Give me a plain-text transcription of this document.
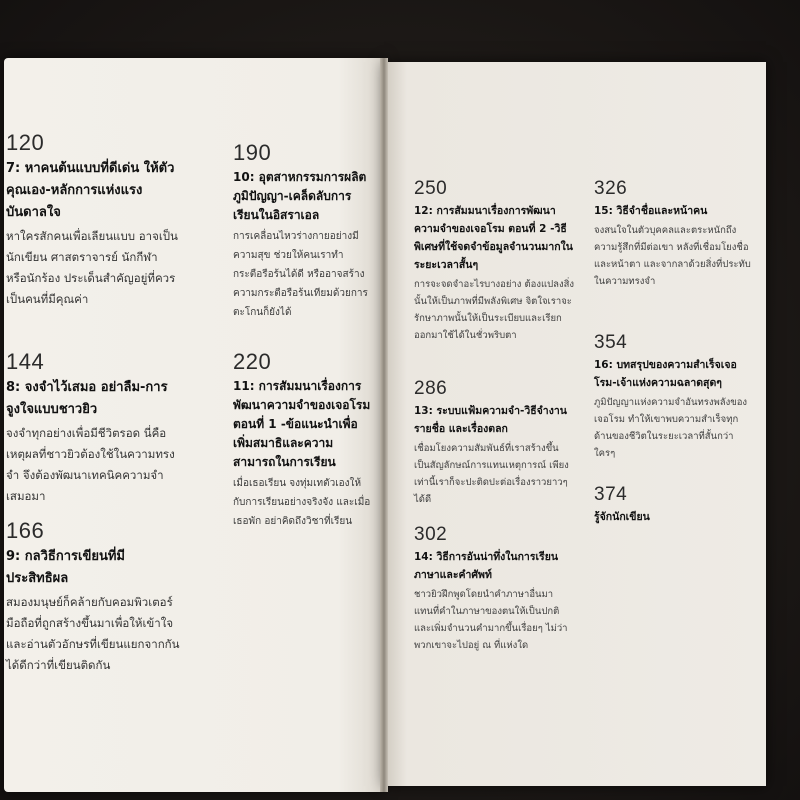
120
7: หาคนต้นแบบที่ดีเด่น ให้ตัวคุณเอง-หลักการแห่งแรงบันดาลใจ
หาใครสักคนเพื่อเลียนแบบ อาจเป็นนักเขียน ศาสตราจารย์ นักกีฬา หรือนักร้อง ประเด็นสำคัญอยู่ที่ควรเป็นคนที่มีคุณค่า
144
8: จงจำไว้เสมอ อย่าลืม-การจูงใจแบบชาวยิว
จงจำทุกอย่างเพื่อมีชีวิตรอด นี่คือเหตุผลที่ชาวยิวต้องใช้ในความทรงจำ จึงต้องพัฒนาเทคนิคความจำเสมอมา
166
9: กลวิธีการเขียนที่มีประสิทธิผล
สมองมนุษย์ก็คล้ายกับคอมพิวเตอร์มือถือที่ถูกสร้างขึ้นมาเพื่อให้เข้าใจและอ่านตัวอักษรที่เขียนแยกจากกันได้ดีกว่าที่เขียนติดกัน
190
10: อุตสาหกรรมการผลิตภูมิปัญญา-เคล็ดลับการเรียนในอิสราเอล
การเคลื่อนไหวร่างกายอย่างมีความสุข ช่วยให้คนเราทำกระตือรือร้นได้ดี หรืออาจสร้างความกระตือรือร้นเทียมด้วยการตะโกนก็ยังได้
220
11: การสัมมนาเรื่องการพัฒนาความจำของเจอโรม ตอนที่ 1 -ข้อแนะนำเพื่อเพิ่มสมาธิและความสามารถในการเรียน
เมื่อเธอเรียน จงทุ่มเทตัวเองให้กับการเรียนอย่างจริงจัง และเมื่อเธอพัก อย่าคิดถึงวิชาที่เรียน
250
12: การสัมมนาเรื่องการพัฒนาความจำของเจอโรม ตอนที่ 2 -วิธีพิเศษที่ใช้จดจำข้อมูลจำนวนมากในระยะเวลาสั้นๆ
การจะจดจำอะไรบางอย่าง ต้องแปลงสิ่งนั้นให้เป็นภาพที่มีพลังพิเศษ จิตใจเราจะรักษาภาพนั้นให้เป็นระเบียบและเรียกออกมาใช้ได้ในชั่วพริบตา
286
13: ระบบแฟ้มความจำ-วิธีจำงาน รายชื่อ และเรื่องตลก
เชื่อมโยงความสัมพันธ์ที่เราสร้างขึ้นเป็นสัญลักษณ์การแทนเหตุการณ์ เพียงเท่านี้เราก็จะปะติดปะต่อเรื่องราวยาวๆได้ดี
302
14: วิธีการอันน่าทึ่งในการเรียนภาษาและคำศัพท์
ชาวยิวฝึกพูดโดยนำคำภาษาอื่นมาแทนที่คำในภาษาของตนให้เป็นปกติ และเพิ่มจำนวนคำมากขึ้นเรื่อยๆ ไม่ว่าพวกเขาจะไปอยู่ ณ ที่แห่งใด
326
15: วิธีจำชื่อและหน้าคน
จงสนใจในตัวบุคคลและตระหนักถึงความรู้สึกที่มีต่อเขา หลังที่เชื่อมโยงชื่อและหน้าตา และจากลาด้วยสิ่งที่ประทับในความทรงจำ
354
16: บทสรุปของความสำเร็จเจอโรม-เจ้าแห่งความฉลาดสุดๆ
ภูมิปัญญาแห่งความจำอันทรงพลังของเจอโรม ทำให้เขาพบความสำเร็จทุกด้านของชีวิตในระยะเวลาที่สั้นกว่าใครๆ
374
รู้จักนักเขียน
